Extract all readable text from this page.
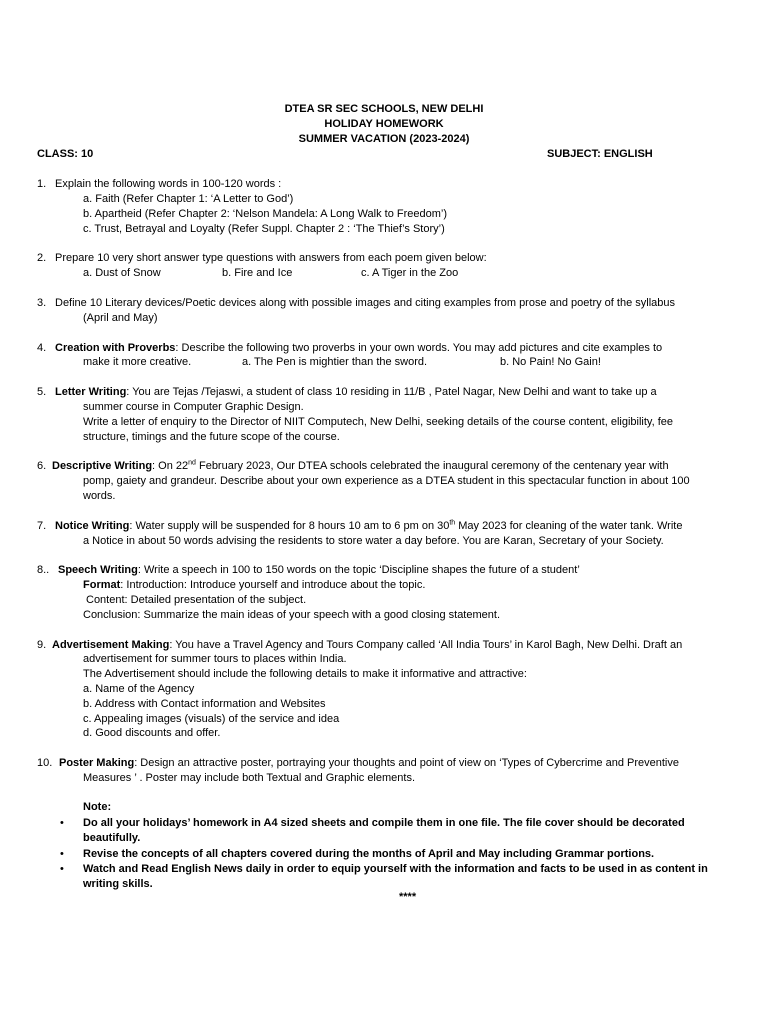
DTEA SR SEC SCHOOLS, NEW DELHI
HOLIDAY HOMEWORK
SUMMER VACATION (2023-2024)
CLASS: 10	SUBJECT: ENGLISH
1. Explain the following words in 100-120 words :
a. Faith (Refer Chapter 1: ‘A Letter to God’)
b. Apartheid (Refer Chapter 2: ‘Nelson Mandela: A Long Walk to Freedom’)
c. Trust, Betrayal and Loyalty (Refer Suppl. Chapter 2 : ‘The Thief’s Story’)
2. Prepare 10 very short answer type questions with answers from each poem given below:
a. Dust of Snow	b. Fire and Ice	c. A Tiger in the Zoo
3. Define 10 Literary devices/Poetic devices along with possible images and citing examples from prose and poetry of the syllabus
(April and May)
4. Creation with Proverbs: Describe the following two proverbs in your own words. You may add pictures and cite examples to
make it more creative.	a. The Pen is mightier than the sword.	b. No Pain! No Gain!
5. Letter Writing: You are Tejas /Tejaswi, a student of class 10 residing in 11/B , Patel Nagar, New Delhi and want to take up a
summer course in Computer Graphic Design.
Write a letter of enquiry to the Director of NIIT Computech, New Delhi, seeking details of the course content, eligibility, fee
structure, timings and the future scope of the course.
6. Descriptive Writing: On 22nd February 2023, Our DTEA schools celebrated the inaugural ceremony of the centenary year with
pomp, gaiety and grandeur. Describe about your own experience as a DTEA student in this spectacular function in about 100
words.
7. Notice Writing: Water supply will be suspended for 8 hours 10 am to 6 pm on 30th May 2023 for cleaning of the water tank. Write
a Notice in about 50 words advising the residents to store water a day before. You are Karan, Secretary of your Society.
8.. Speech Writing: Write a speech in 100 to 150 words on the topic ‘Discipline shapes the future of a student’
Format: Introduction: Introduce yourself and introduce about the topic.
Content: Detailed presentation of the subject.
Conclusion: Summarize the main ideas of your speech with a good closing statement.
9. Advertisement Making: You have a Travel Agency and Tours Company called ‘All India Tours’ in Karol Bagh, New Delhi. Draft an
advertisement for summer tours to places within India.
The Advertisement should include the following details to make it informative and attractive:
a. Name of the Agency
b. Address with Contact information and Websites
c. Appealing images (visuals) of the service and idea
d. Good discounts and offer.
10. Poster Making: Design an attractive poster, portraying your thoughts and point of view on ‘Types of Cybercrime and Preventive
Measures ’ . Poster may include both Textual and Graphic elements.
Note:
• Do all your holidays’ homework in A4 sized sheets and compile them in one file. The file cover should be decorated
beautifully.
• Revise the concepts of all chapters covered during the months of April and May including Grammar portions.
• Watch and Read English News daily in order to equip yourself with the information and facts to be used in as content in
writing skills.
****
